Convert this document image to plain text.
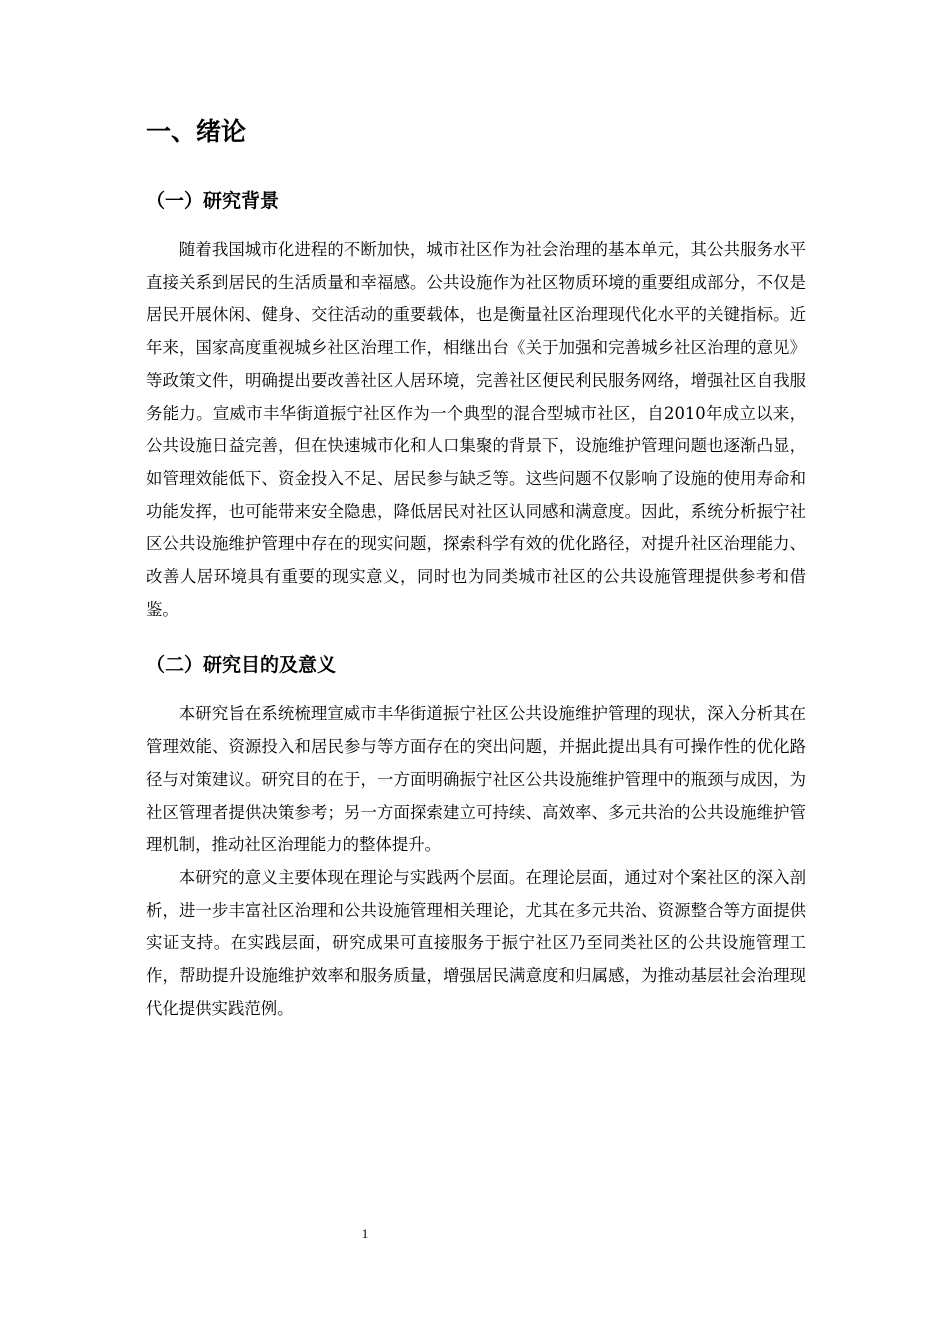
一、绪论
（一）研究背景

随着我国城市化进程的不断加快，城市社区作为社会治理的基本单元，其公共服务水平直接关系到居民的生活质量和幸福感。公共设施作为社区物质环境的重要组成部分，不仅是居民开展休闲、健身、交往活动的重要载体，也是衡量社区治理现代化水平的关键指标。近年来，国家高度重视城乡社区治理工作，相继出台《关于加强和完善城乡社区治理的意见》等政策文件，明确提出要改善社区人居环境，完善社区便民利民服务网络，增强社区自我服务能力。宣威市丰华街道振宁社区作为一个典型的混合型城市社区，自2010年成立以来，公共设施日益完善，但在快速城市化和人口集聚的背景下，设施维护管理问题也逐渐凸显，如管理效能低下、资金投入不足、居民参与缺乏等。这些问题不仅影响了设施的使用寿命和功能发挥，也可能带来安全隐患，降低居民对社区认同感和满意度。因此，系统分析振宁社区公共设施维护管理中存在的现实问题，探索科学有效的优化路径，对提升社区治理能力、改善人居环境具有重要的现实意义，同时也为同类城市社区的公共设施管理提供参考和借鉴。

（二）研究目的及意义

本研究旨在系统梳理宣威市丰华街道振宁社区公共设施维护管理的现状，深入分析其在管理效能、资源投入和居民参与等方面存在的突出问题，并据此提出具有可操作性的优化路径与对策建议。研究目的在于，一方面明确振宁社区公共设施维护管理中的瓶颈与成因，为社区管理者提供决策参考；另一方面探索建立可持续、高效率、多元共治的公共设施维护管理机制，推动社区治理能力的整体提升。

本研究的意义主要体现在理论与实践两个层面。在理论层面，通过对个案社区的深入剖析，进一步丰富社区治理和公共设施管理相关理论，尤其在多元共治、资源整合等方面提供实证支持。在实践层面，研究成果可直接服务于振宁社区乃至同类社区的公共设施管理工作，帮助提升设施维护效率和服务质量，增强居民满意度和归属感，为推动基层社会治理现代化提供实践范例。

1
